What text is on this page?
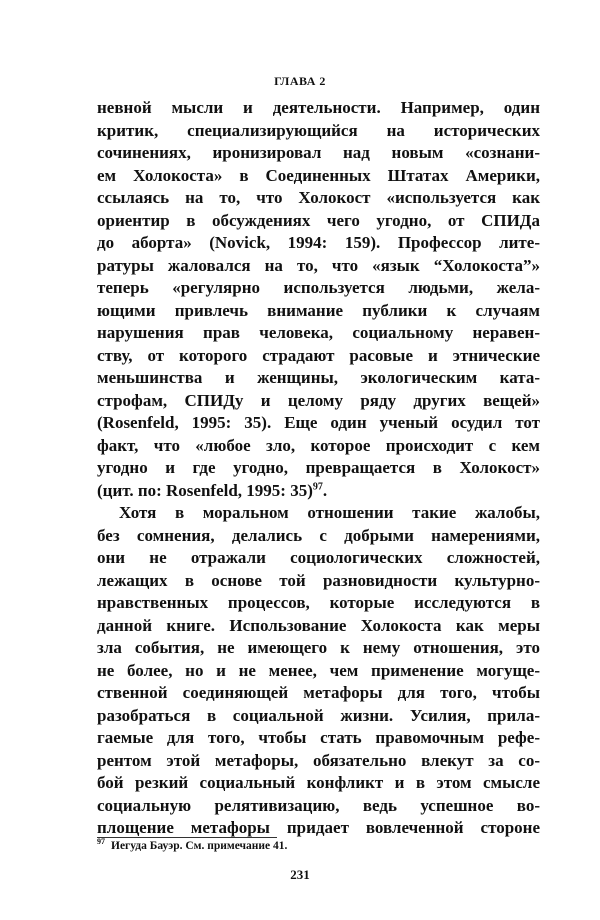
ГЛАВА 2
невной мысли и деятельности. Например, один
критик, специализирующийся на исторических
сочинениях, иронизировал над новым «сознани-
ем Холокоста» в Соединенных Штатах Америки,
ссылаясь на то, что Холокост «используется как
ориентир в обсуждениях чего угодно, от СПИДа
до аборта» (Novick, 1994: 159). Профессор лите-
ратуры жаловался на то, что «язык “Холокоста”»
теперь «регулярно используется людьми, жела-
ющими привлечь внимание публики к случаям
нарушения прав человека, социальному неравен-
ству, от которого страдают расовые и этнические
меньшинства и женщины, экологическим ката-
строфам, СПИДу и целому ряду других вещей»
(Rosenfeld, 1995: 35). Еще один ученый осудил тот
факт, что «любое зло, которое происходит с кем
угодно и где угодно, превращается в Холокост»
(цит. по: Rosenfeld, 1995: 35)$^{97}$.
Хотя в моральном отношении такие жалобы,
без сомнения, делались с добрыми намерениями,
они не отражали социологических сложностей,
лежащих в основе той разновидности культурно-
нравственных процессов, которые исследуются в
данной книге. Использование Холокоста как меры
зла события, не имеющего к нему отношения, это
не более, но и не менее, чем применение могуще-
ственной соединяющей метафоры для того, чтобы
разобраться в социальной жизни. Усилия, прила-
гаемые для того, чтобы стать правомочным рефе-
рентом этой метафоры, обязательно влекут за со-
бой резкий социальный конфликт и в этом смысле
социальную релятивизацию, ведь успешное во-
площение метафоры придает вовлеченной стороне
$^{97}$ Иегуда Бауэр. См. примечание 41.
231
